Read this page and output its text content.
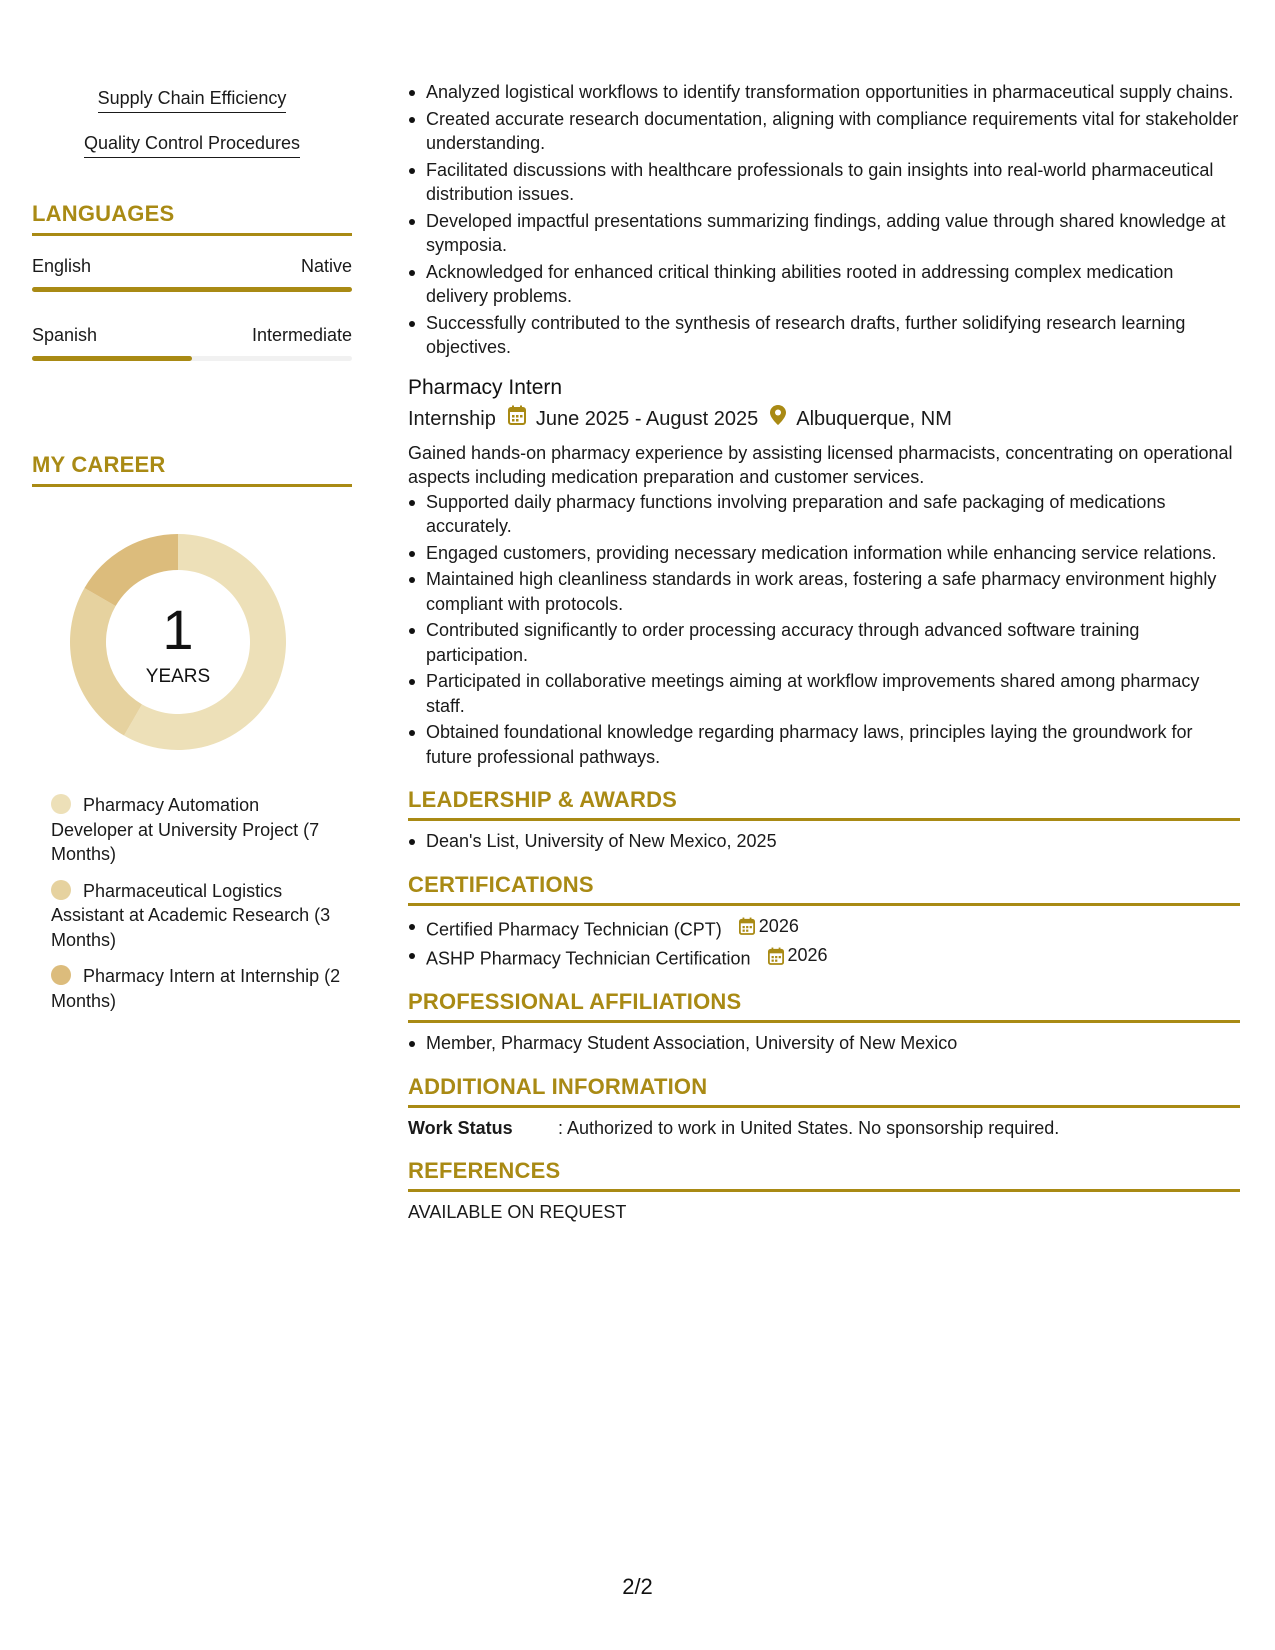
Supply Chain Efficiency
Quality Control Procedures
LANGUAGES
English	Native
Spanish	Intermediate
MY CAREER
1
YEARS
Pharmacy Automation Developer at University Project (7 Months)
Pharmaceutical Logistics Assistant at Academic Research (3 Months)
Pharmacy Intern at Internship (2 Months)
Analyzed logistical workflows to identify transformation opportunities in pharmaceutical supply chains.
Created accurate research documentation, aligning with compliance requirements vital for stakeholder understanding.
Facilitated discussions with healthcare professionals to gain insights into real-world pharmaceutical distribution issues.
Developed impactful presentations summarizing findings, adding value through shared knowledge at symposia.
Acknowledged for enhanced critical thinking abilities rooted in addressing complex medication delivery problems.
Successfully contributed to the synthesis of research drafts, further solidifying research learning objectives.
Pharmacy Intern
Internship June 2025 - August 2025 Albuquerque, NM
Gained hands-on pharmacy experience by assisting licensed pharmacists, concentrating on operational aspects including medication preparation and customer services.
Supported daily pharmacy functions involving preparation and safe packaging of medications accurately.
Engaged customers, providing necessary medication information while enhancing service relations.
Maintained high cleanliness standards in work areas, fostering a safe pharmacy environment highly compliant with protocols.
Contributed significantly to order processing accuracy through advanced software training participation.
Participated in collaborative meetings aiming at workflow improvements shared among pharmacy staff.
Obtained foundational knowledge regarding pharmacy laws, principles laying the groundwork for future professional pathways.
LEADERSHIP & AWARDS
Dean's List, University of New Mexico, 2025
CERTIFICATIONS
Certified Pharmacy Technician (CPT) 2026
ASHP Pharmacy Technician Certification 2026
PROFESSIONAL AFFILIATIONS
Member, Pharmacy Student Association, University of New Mexico
ADDITIONAL INFORMATION
Work Status	: Authorized to work in United States. No sponsorship required.
REFERENCES
AVAILABLE ON REQUEST
2/2
